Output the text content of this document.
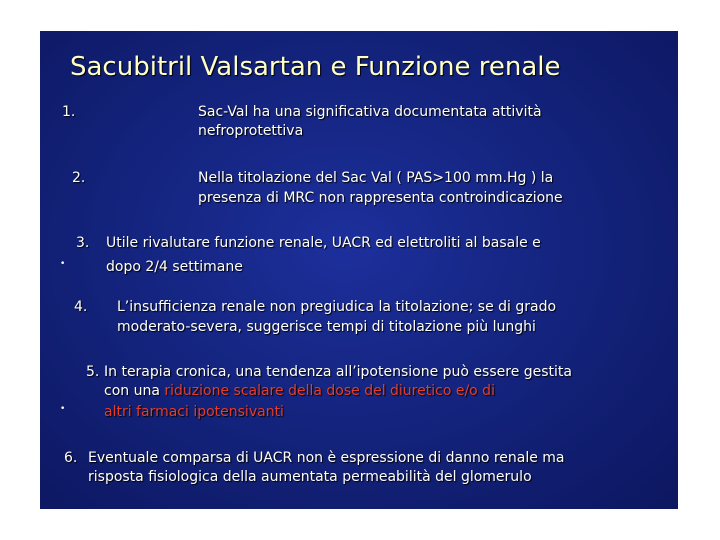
Sacubitril Valsartan e Funzione renale
1.	Sac-Val ha una significativa documentata attività
nefroprotettiva
2.	Nella titolazione del Sac Val ( PAS>100 mm.Hg ) la
presenza di MRC non rappresenta controindicazione
3. Utile rivalutare funzione renale, UACR ed elettroliti al basale e
•	dopo 2/4 settimane
4. L’insufficienza renale non pregiudica la titolazione; se di grado
moderato-severa, suggerisce tempi di titolazione più lunghi
5. In terapia cronica, una tendenza all’ipotensione può essere gestita
con una riduzione scalare della dose del diuretico e/o di
•	altri farmaci ipotensivanti
6. Eventuale comparsa di UACR non è espressione di danno renale ma
risposta fisiologica della aumentata permeabilità del glomerulo
